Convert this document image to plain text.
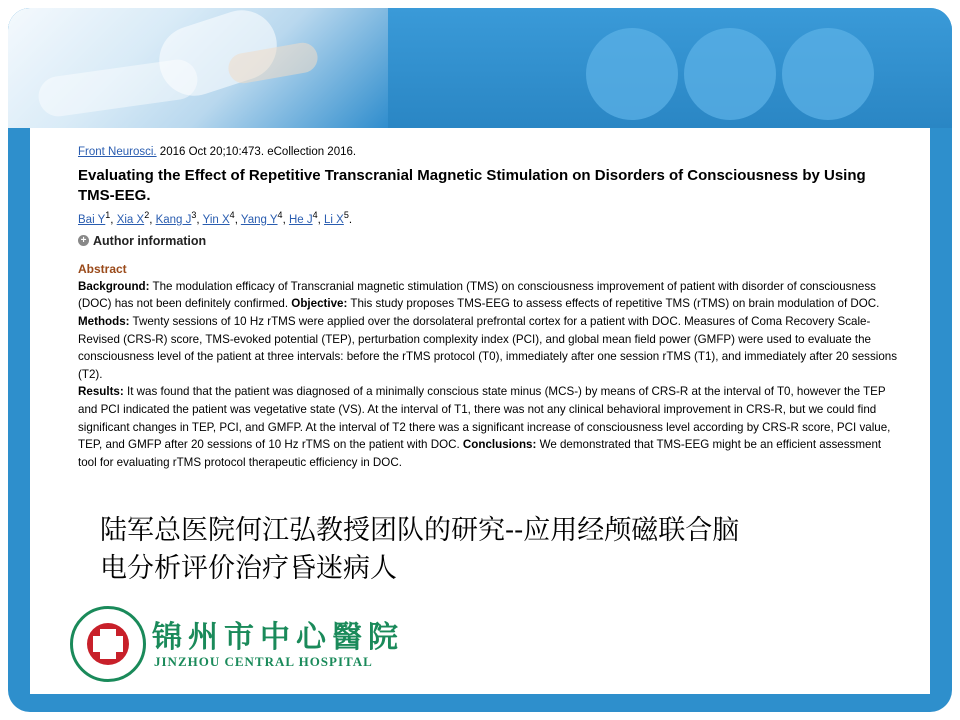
Front Neurosci. 2016 Oct 20;10:473. eCollection 2016.
Evaluating the Effect of Repetitive Transcranial Magnetic Stimulation on Disorders of Consciousness by Using TMS-EEG.
Bai $Y^1$, Xia $X^2$, Kang $J^3$, Yin $X^4$, Yang $Y^4$, He $J^4$, Li $X^5$.
+ Author information
Abstract
Background: The modulation efficacy of Transcranial magnetic stimulation (TMS) on consciousness improvement of patient with disorder of consciousness (DOC) has not been definitely confirmed. Objective: This study proposes TMS-EEG to assess effects of repetitive TMS (rTMS) on brain modulation of DOC. Methods: Twenty sessions of 10 Hz rTMS were applied over the dorsolateral prefrontal cortex for a patient with DOC. Measures of Coma Recovery Scale-Revised (CRS-R) score, TMS-evoked potential (TEP), perturbation complexity index (PCI), and global mean field power (GMFP) were used to evaluate the consciousness level of the patient at three intervals: before the rTMS protocol (T0), immediately after one session rTMS (T1), and immediately after 20 sessions (T2).
Results: It was found that the patient was diagnosed of a minimally conscious state minus (MCS-) by means of CRS-R at the interval of T0, however the TEP and PCI indicated the patient was vegetative state (VS). At the interval of T1, there was not any clinical behavioral improvement in CRS-R, but we could find significant changes in TEP, PCI, and GMFP. At the interval of T2 there was a significant increase of consciousness level according by CRS-R score, PCI value, TEP, and GMFP after 20 sessions of 10 Hz rTMS on the patient with DOC. Conclusions: We demonstrated that TMS-EEG might be an efficient assessment tool for evaluating rTMS protocol therapeutic efficiency in DOC.
陆军总医院何江弘教授团队的研究--应用经颅磁联合脑
电分析评价治疗昏迷病人
锦州市中心醫院
JINZHOU CENTRAL HOSPITAL
